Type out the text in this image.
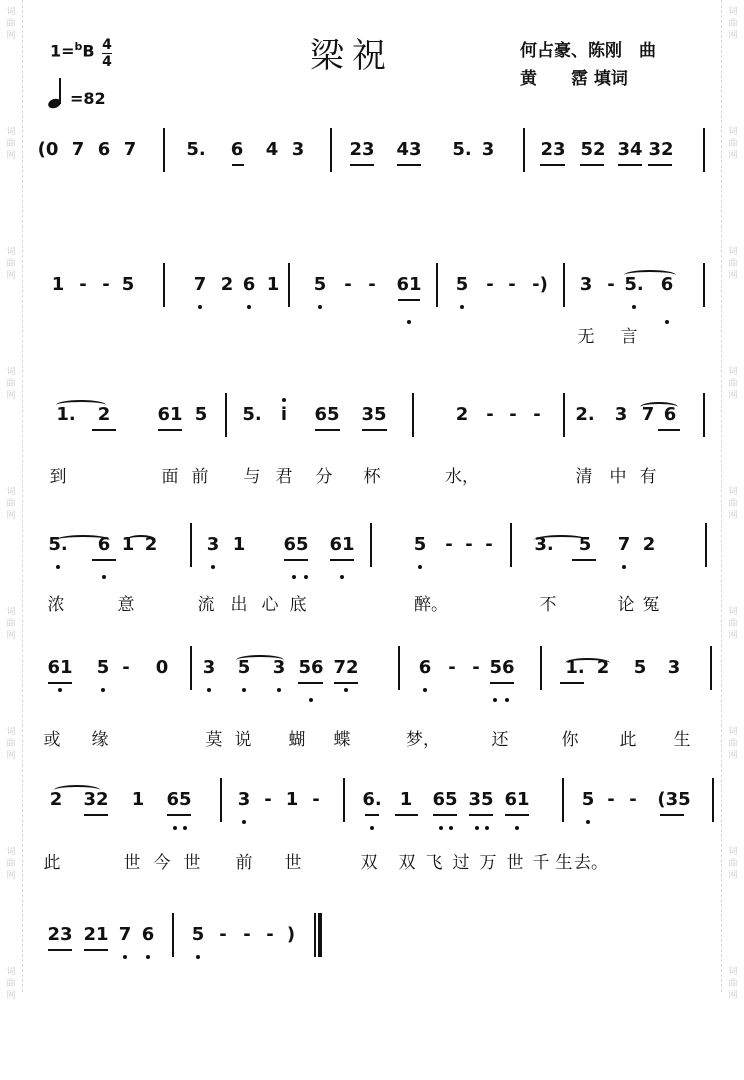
词
曲
网
词
曲
网
词
曲
网
词
曲
网
词
曲
网
词
曲
网
词
曲
网
词
曲
网
词
曲
网
词
曲
网
词
曲
网
词
曲
网
词
曲
网
词
曲
网
词
曲
网
词
曲
网
词
曲
网
词
曲
网
1=$^b$B 4
4
=82
梁祝	何占豪、陈刚　曲
黄　　霑 填词
(0 7 6 7	5. 6 4 3	23 43 5. 3	23 52 34 32
1 - - 5	7 2 6 1 5 - - 61 5 - - -) 3 - 5. 6
无 言
1. 2	61 5 5. i 65 35	2 - - - 2. 3 7 6
到	面 前 与 君 分 杯	水，	清 中 有
5. 6 1 2	3 1 65 61	5 - - - 3. 5 7 2
浓	意	流 出 心 底	醉。	不	论 冤
61 5 - 0 3 5 3 56 72	6 - - 56	1. 2 5 3
或 缘	莫 说 蝴 蝶	梦，	还	你 此 生
2 32 1 65	3 - 1 - 6. 1 65 35 61	5 - - (35
此	世 今 世 前 世	双 双 飞 过 万 世 千 生 去。
23 21 7 6 5 - - - )
